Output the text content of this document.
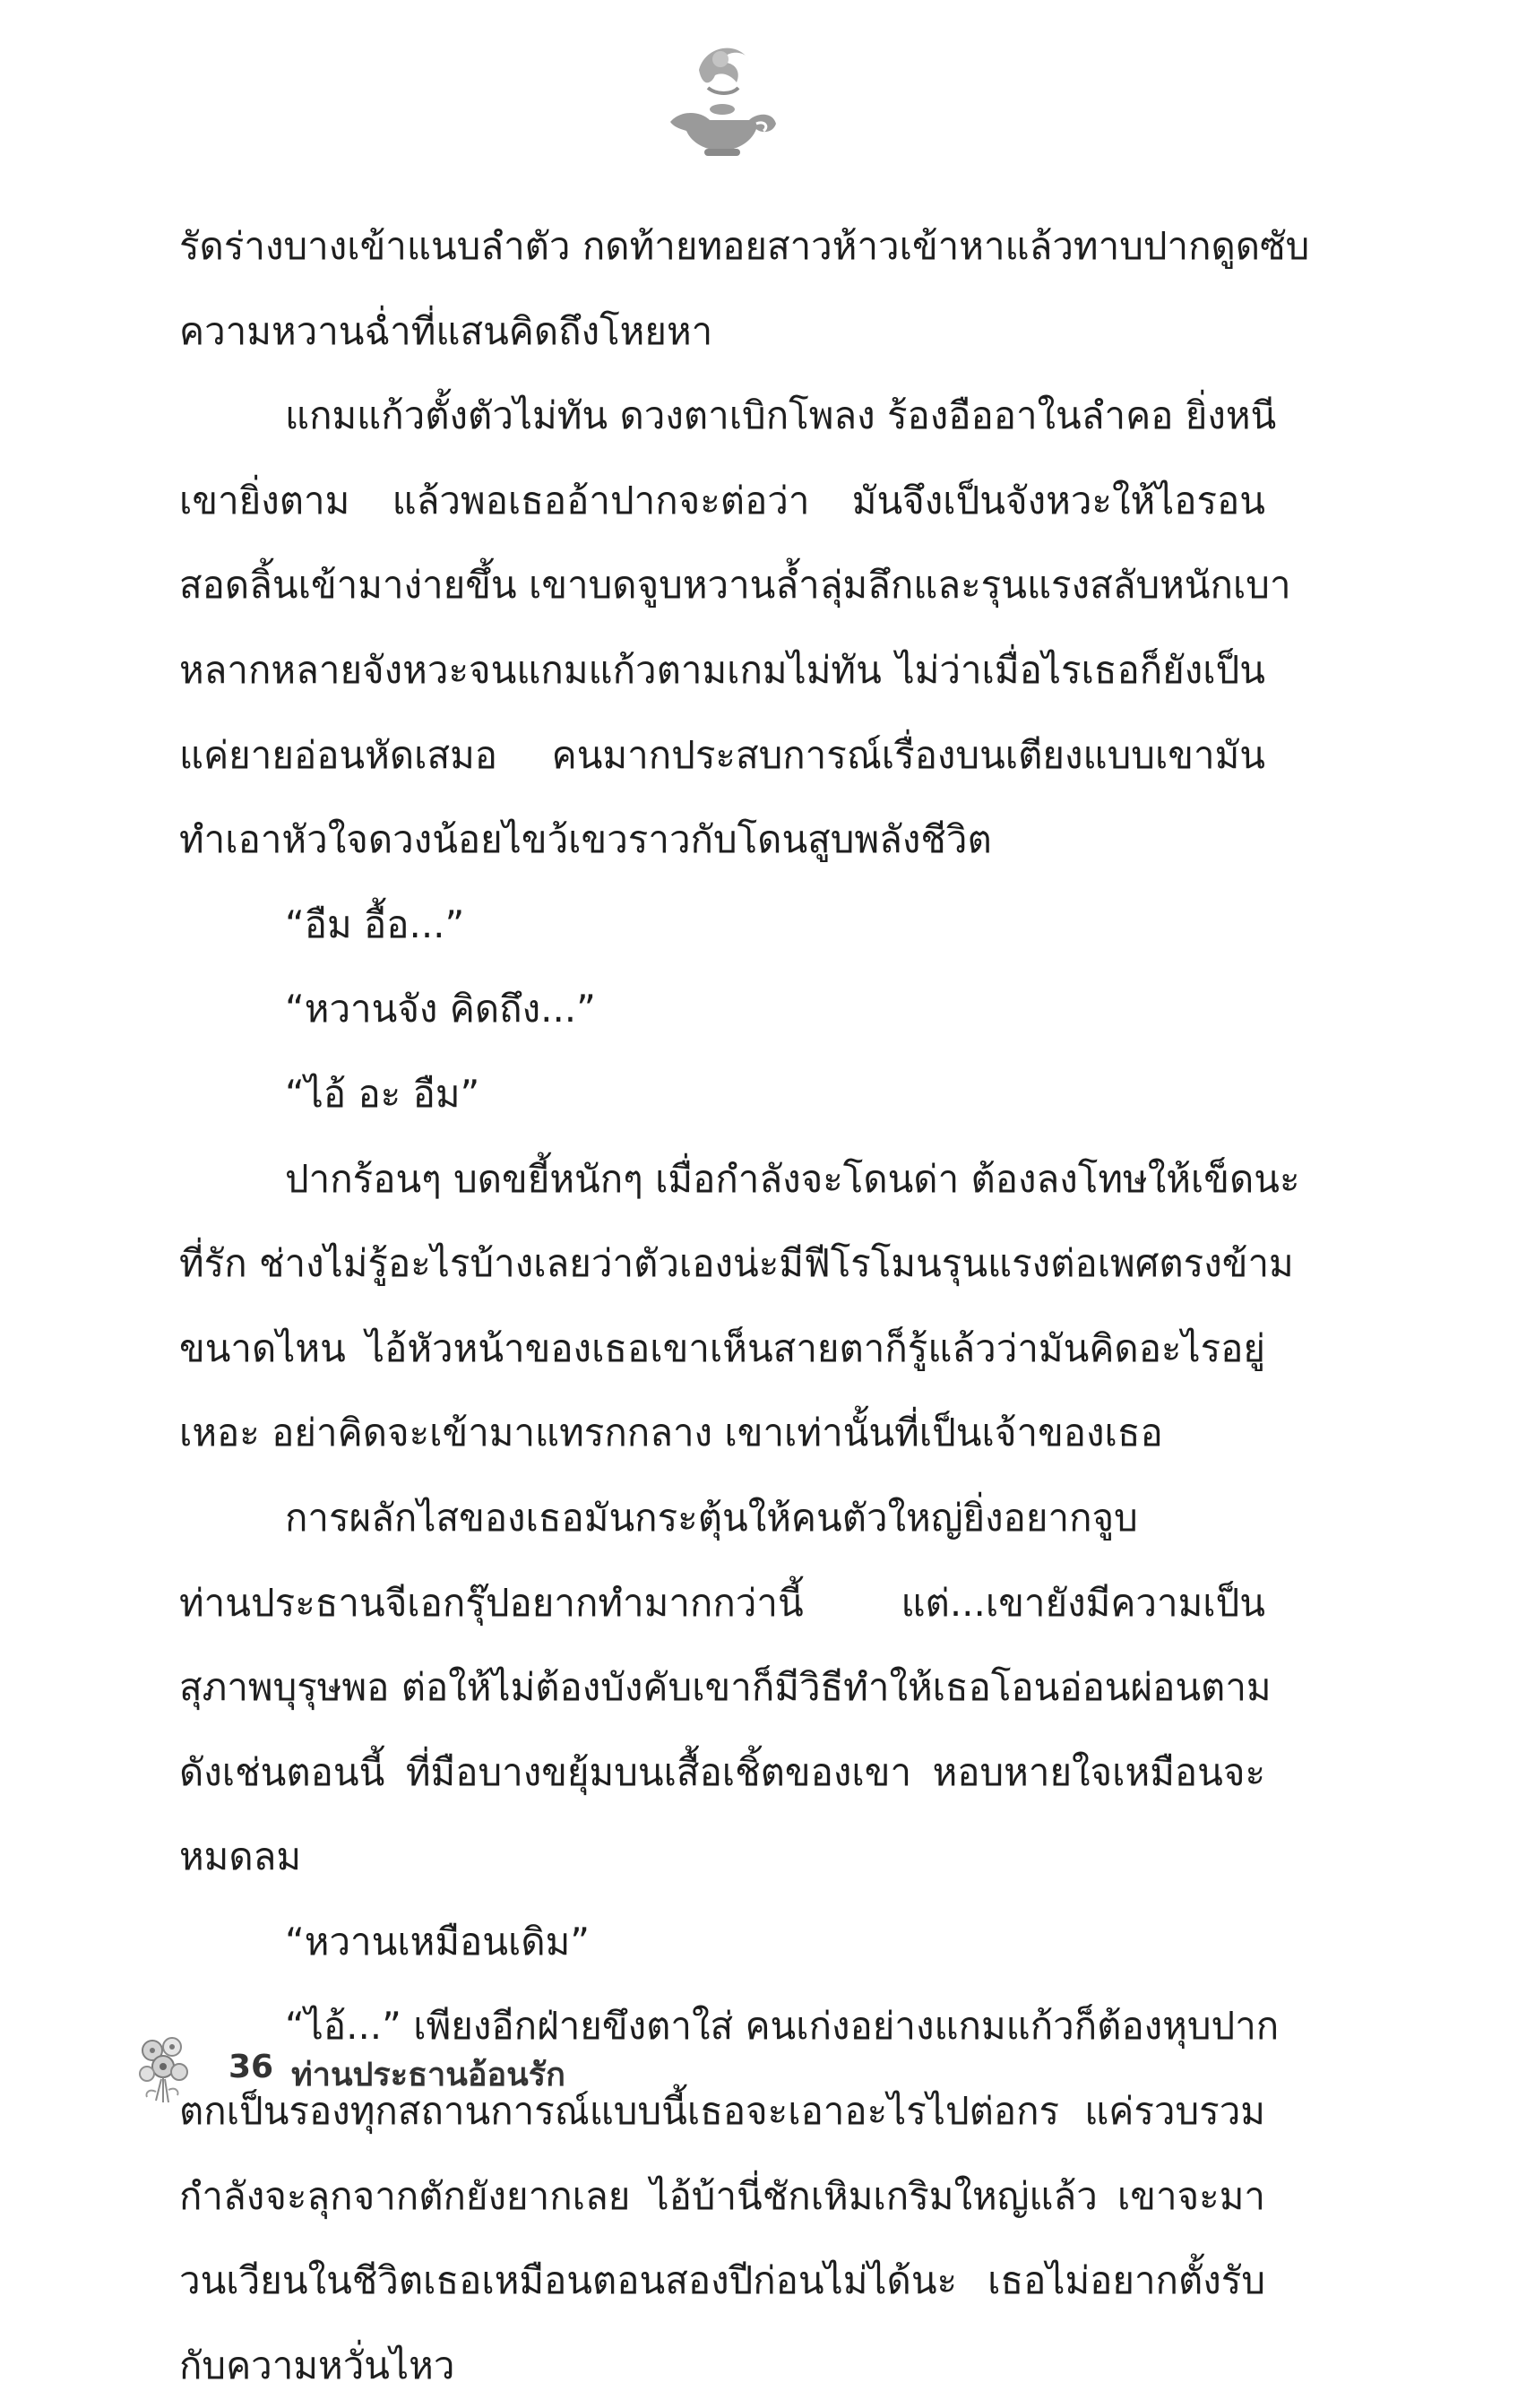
รัดร่างบางเข้าแนบลำตัว กดท้ายทอยสาวห้าวเข้าหาแล้วทาบปากดูดซับ
ความหวานฉ่ำที่แสนคิดถึงโหยหา
แกมแก้วตั้งตัวไม่ทัน ดวงตาเบิกโพลง ร้องอืออาในลำคอ ยิ่งหนี
เขายิ่งตาม แล้วพอเธออ้าปากจะต่อว่า มันจึงเป็นจังหวะให้ไอรอน
สอดลิ้นเข้ามาง่ายขึ้น เขาบดจูบหวานล้ำลุ่มลึกและรุนแรงสลับหนักเบา
หลากหลายจังหวะจนแกมแก้วตามเกมไม่ทัน ไม่ว่าเมื่อไรเธอก็ยังเป็น
แค่ยายอ่อนหัดเสมอ คนมากประสบการณ์เรื่องบนเตียงแบบเขามัน
ทำเอาหัวใจดวงน้อยไขว้เขวราวกับโดนสูบพลังชีวิต
“อืม อื้อ...”
“หวานจัง คิดถึง...”
“ไอ้ อะ อืม”
ปากร้อนๆ บดขยี้หนักๆ เมื่อกำลังจะโดนด่า ต้องลงโทษให้เข็ดนะ
ที่รัก ช่างไม่รู้อะไรบ้างเลยว่าตัวเองน่ะมีฟีโรโมนรุนแรงต่อเพศตรงข้าม
ขนาดไหน ไอ้หัวหน้าของเธอเขาเห็นสายตาก็รู้แล้วว่ามันคิดอะไรอยู่
เหอะ อย่าคิดจะเข้ามาแทรกกลาง เขาเท่านั้นที่เป็นเจ้าของเธอ
การผลักไสของเธอมันกระตุ้นให้คนตัวใหญ่ยิ่งอยากจูบ
ท่านประธานจีเอกรุ๊ปอยากทำมากกว่านี้ แต่...เขายังมีความเป็น
สุภาพบุรุษพอ ต่อให้ไม่ต้องบังคับเขาก็มีวิธีทำให้เธอโอนอ่อนผ่อนตาม
ดังเช่นตอนนี้ ที่มือบางขยุ้มบนเสื้อเชิ้ตของเขา หอบหายใจเหมือนจะ
หมดลม
“หวานเหมือนเดิม”
“ไอ้...” เพียงอีกฝ่ายขึงตาใส่ คนเก่งอย่างแกมแก้วก็ต้องหุบปาก
ตกเป็นรองทุกสถานการณ์แบบนี้เธอจะเอาอะไรไปต่อกร แค่รวบรวม
กำลังจะลุกจากตักยังยากเลย ไอ้บ้านี่ชักเหิมเกริมใหญ่แล้ว เขาจะมา
วนเวียนในชีวิตเธอเหมือนตอนสองปีก่อนไม่ได้นะ เธอไม่อยากตั้งรับ
กับความหวั่นไหว
36 ท่านประธานอ้อนรัก
